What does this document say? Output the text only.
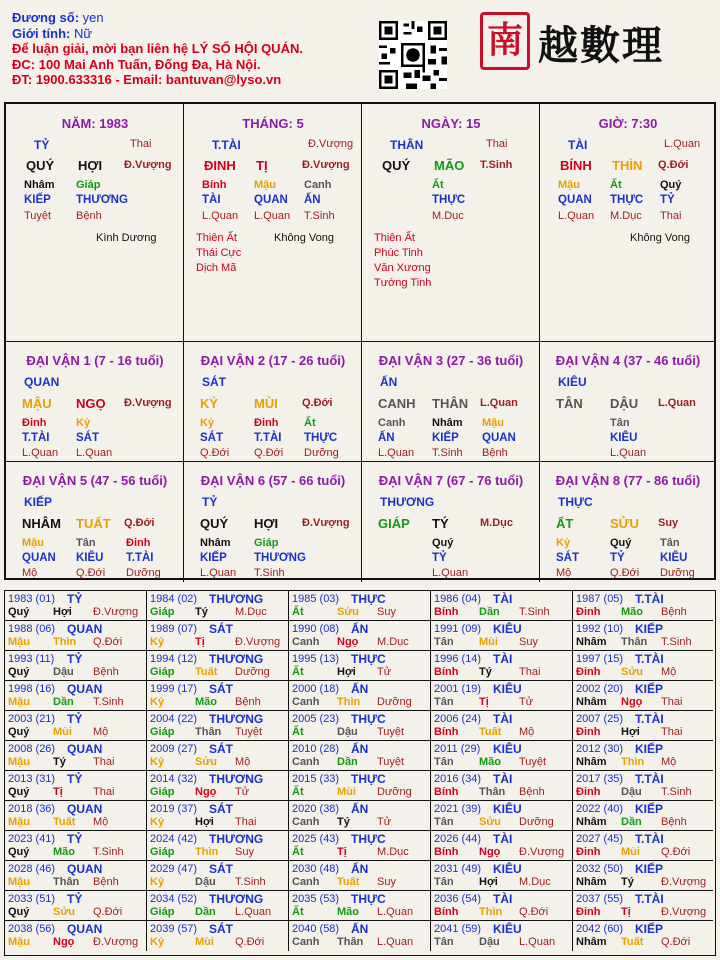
Đương số: yen
Giới tính: Nữ
Để luận giải, mời bạn liên hệ LÝ SỐ HỘI QUÁN.
ĐC: 100 Mai Anh Tuấn, Đống Đa, Hà Nội.
ĐT: 1900.633316 - Email: bantuvan@lyso.vn
南 越數理
NĂM: 1983
TỶ	Thai
QUÝ HỢI Đ.Vượng
Nhâm
KIẾP
Tuyệt
Giáp
THƯƠNG
Bệnh
Kình Dương
THÁNG: 5
T.TÀI	Đ.Vượng
ĐINH TỊ	Đ.Vượng
Bính
TÀI
L.Quan
Mậu
QUAN
L.Quan
Canh
ẤN
T.Sinh
Thiên Ất
Thái Cực
Dịch Mã
Không Vong
NGÀY: 15
THÂN	Thai
QUÝ MÃO T.Sinh
Ất
THỰC
M.Dục
Thiên Ất
Phúc Tinh
Văn Xương
Tướng Tinh
GIỜ: 7:30
TÀI	L.Quan
BÍNH THÌN Q.Đới
Mậu
QUAN
L.Quan
Ất
THỰC
M.Dục
Quý
TỶ
Thai
Không Vong
ĐẠI VẬN 1 (7 - 16 tuổi)
QUAN
MẬU NGỌ Đ.Vượng
Đinh
T.TÀI
L.Quan
Kỷ
SÁT
L.Quan
ĐẠI VẬN 2 (17 - 26 tuổi)
SÁT
KỶ	MÙI Q.Đới
Kỷ
SÁT
Q.Đới
Đinh
T.TÀI
Q.Đới
Ất
THỰC
Dưỡng
ĐẠI VẬN 3 (27 - 36 tuổi)
ẤN
CANH THÂN L.Quan
Canh
ẤN
L.Quan
Nhâm
KIẾP
T.Sinh
Mậu
QUAN
Bệnh
ĐẠI VẬN 4 (37 - 46 tuổi)
KIÊU
TÂN DẬU L.Quan
Tân
KIÊU
L.Quan
ĐẠI VẬN 5 (47 - 56 tuổi)
KIẾP
NHÂM TUẤT Q.Đới
Mậu
QUAN
Mộ
Tân
KIÊU
Q.Đới
Đinh
T.TÀI
Dưỡng
ĐẠI VẬN 6 (57 - 66 tuổi)
TỶ
QUÝ HỢI Đ.Vượng
Nhâm
KIẾP
L.Quan
Giáp
THƯƠNG
T.Sinh
ĐẠI VẬN 7 (67 - 76 tuổi)
THƯƠNG
GIÁP TÝ	M.Dục
Quý
TỶ
L.Quan
ĐẠI VẬN 8 (77 - 86 tuổi)
THỰC
ẤT	SỬU Suy
Kỷ
SÁT
Mộ
Quý
TỶ
Q.Đới
Tân
KIÊU
Dưỡng
1983 (01) TỶ
Quý Hợi Đ.Vượng
1984 (02) THƯƠNG
Giáp Tý M.Dục
1985 (03) THỰC
Ất	Sửu Suy
1986 (04) TÀI
Bính Dần T.Sinh
1987 (05) T.TÀI
Đinh Mão Bệnh
1988 (06) QUAN
Mậu Thìn Q.Đới
1989 (07) SÁT
Kỷ	Tị	Đ.Vượng
1990 (08) ẤN
Canh Ngọ M.Dục
1991 (09) KIÊU
Tân Mùi Suy
1992 (10) KIẾP
Nhâm Thân T.Sinh
1993 (11) TỶ
Quý Dậu Bệnh
1994 (12) THƯƠNG
Giáp Tuất Dưỡng
1995 (13) THỰC
Ất	Hợi Tử
1996 (14) TÀI
Bính Tý Thai
1997 (15) T.TÀI
Đinh Sửu Mộ
1998 (16) QUAN
Mậu Dần T.Sinh
1999 (17) SÁT
Kỷ	Mão Bệnh
2000 (18) ẤN
Canh Thìn Dưỡng
2001 (19) KIÊU
Tân Tị	Tử
2002 (20) KIẾP
Nhâm Ngọ Thai
2003 (21) TỶ
Quý Mùi Mộ
2004 (22) THƯƠNG
Giáp Thân Tuyệt
2005 (23) THỰC
Ất	Dậu Tuyệt
2006 (24) TÀI
Bính Tuất Mộ
2007 (25) T.TÀI
Đinh Hợi Thai
2008 (26) QUAN
Mậu Tý Thai
2009 (27) SÁT
Kỷ	Sửu Mộ
2010 (28) ẤN
Canh Dần Tuyệt
2011 (29) KIÊU
Tân Mão Tuyệt
2012 (30) KIẾP
Nhâm Thìn Mộ
2013 (31) TỶ
Quý Tị	Thai
2014 (32) THƯƠNG
Giáp Ngọ Tử
2015 (33) THỰC
Ất	Mùi Dưỡng
2016 (34) TÀI
Bính Thân Bệnh
2017 (35) T.TÀI
Đinh Dậu T.Sinh
2018 (36) QUAN
Mậu Tuất Mộ
2019 (37) SÁT
Kỷ	Hợi Thai
2020 (38) ẤN
Canh Tý Tử
2021 (39) KIÊU
Tân Sửu Dưỡng
2022 (40) KIẾP
Nhâm Dần Bệnh
2023 (41) TỶ
Quý Mão T.Sinh
2024 (42) THƯƠNG
Giáp Thìn Suy
2025 (43) THỰC
Ất	Tị	M.Dục
2026 (44) TÀI
Bính Ngọ Đ.Vượng
2027 (45) T.TÀI
Đinh Mùi Q.Đới
2028 (46) QUAN
Mậu Thân Bệnh
2029 (47) SÁT
Kỷ	Dậu T.Sinh
2030 (48) ẤN
Canh Tuất Suy
2031 (49) KIÊU
Tân Hợi M.Dục
2032 (50) KIẾP
Nhâm Tý Đ.Vượng
2033 (51) TỶ
Quý Sửu Q.Đới
2034 (52) THƯƠNG
Giáp Dần L.Quan
2035 (53) THỰC
Ất	Mão L.Quan
2036 (54) TÀI
Bính Thìn Q.Đới
2037 (55) T.TÀI
Đinh Tị	Đ.Vượng
2038 (56) QUAN
Mậu Ngọ Đ.Vượng
2039 (57) SÁT
Kỷ	Mùi Q.Đới
2040 (58) ẤN
Canh Thân L.Quan
2041 (59) KIÊU
Tân Dậu L.Quan
2042 (60) KIẾP
Nhâm Tuất Q.Đới
